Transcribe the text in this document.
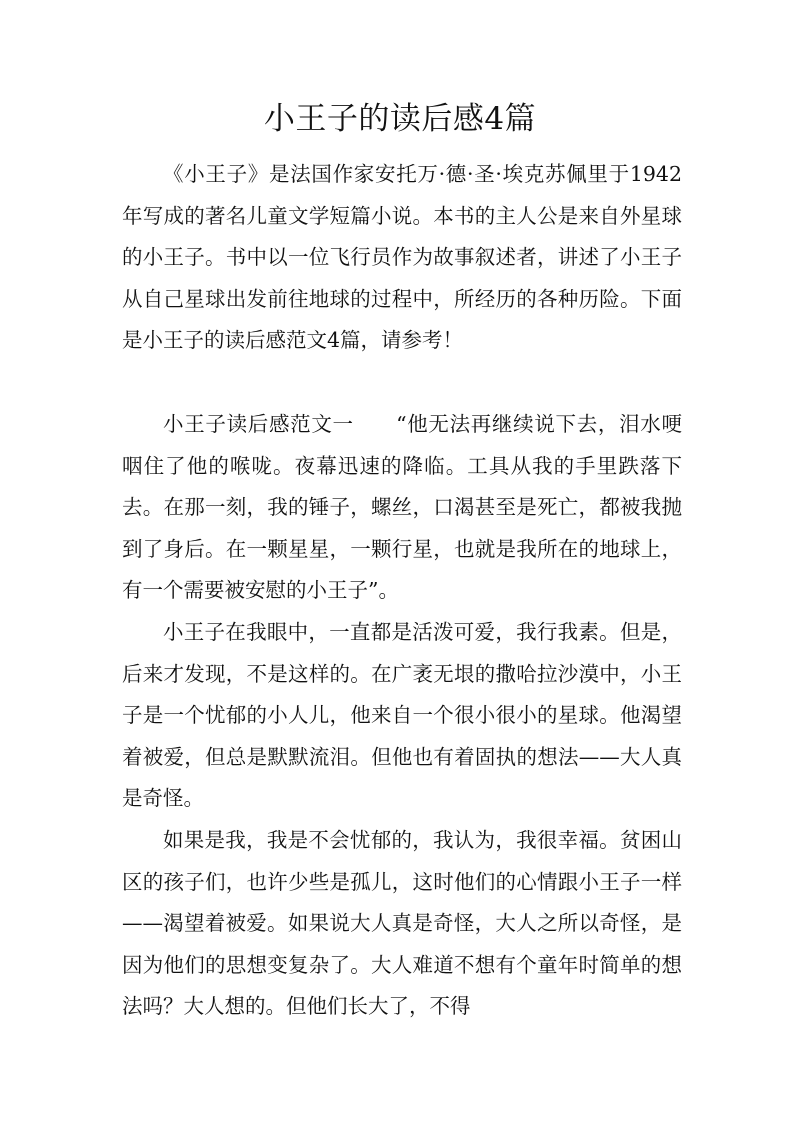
小王子的读后感4篇

《小王子》是法国作家安托万·德·圣·埃克苏佩里于1942年写成的著名儿童文学短篇小说。本书的主人公是来自外星球的小王子。书中以一位飞行员作为故事叙述者，讲述了小王子从自己星球出发前往地球的过程中，所经历的各种历险。下面是小王子的读后感范文4篇，请参考！

小王子读后感范文一　　“他无法再继续说下去，泪水哽咽住了他的喉咙。夜幕迅速的降临。工具从我的手里跌落下去。在那一刻，我的锤子，螺丝，口渴甚至是死亡，都被我抛到了身后。在一颗星星，一颗行星，也就是我所在的地球上，有一个需要被安慰的小王子”。

小王子在我眼中，一直都是活泼可爱，我行我素。但是，后来才发现，不是这样的。在广袤无垠的撒哈拉沙漠中，小王子是一个忧郁的小人儿，他来自一个很小很小的星球。他渴望着被爱，但总是默默流泪。但他也有着固执的想法——大人真是奇怪。

如果是我，我是不会忧郁的，我认为，我很幸福。贫困山区的孩子们，也许少些是孤儿，这时他们的心情跟小王子一样——渴望着被爱。如果说大人真是奇怪，大人之所以奇怪，是因为他们的思想变复杂了。大人难道不想有个童年时简单的想法吗？大人想的。但他们长大了，不得
